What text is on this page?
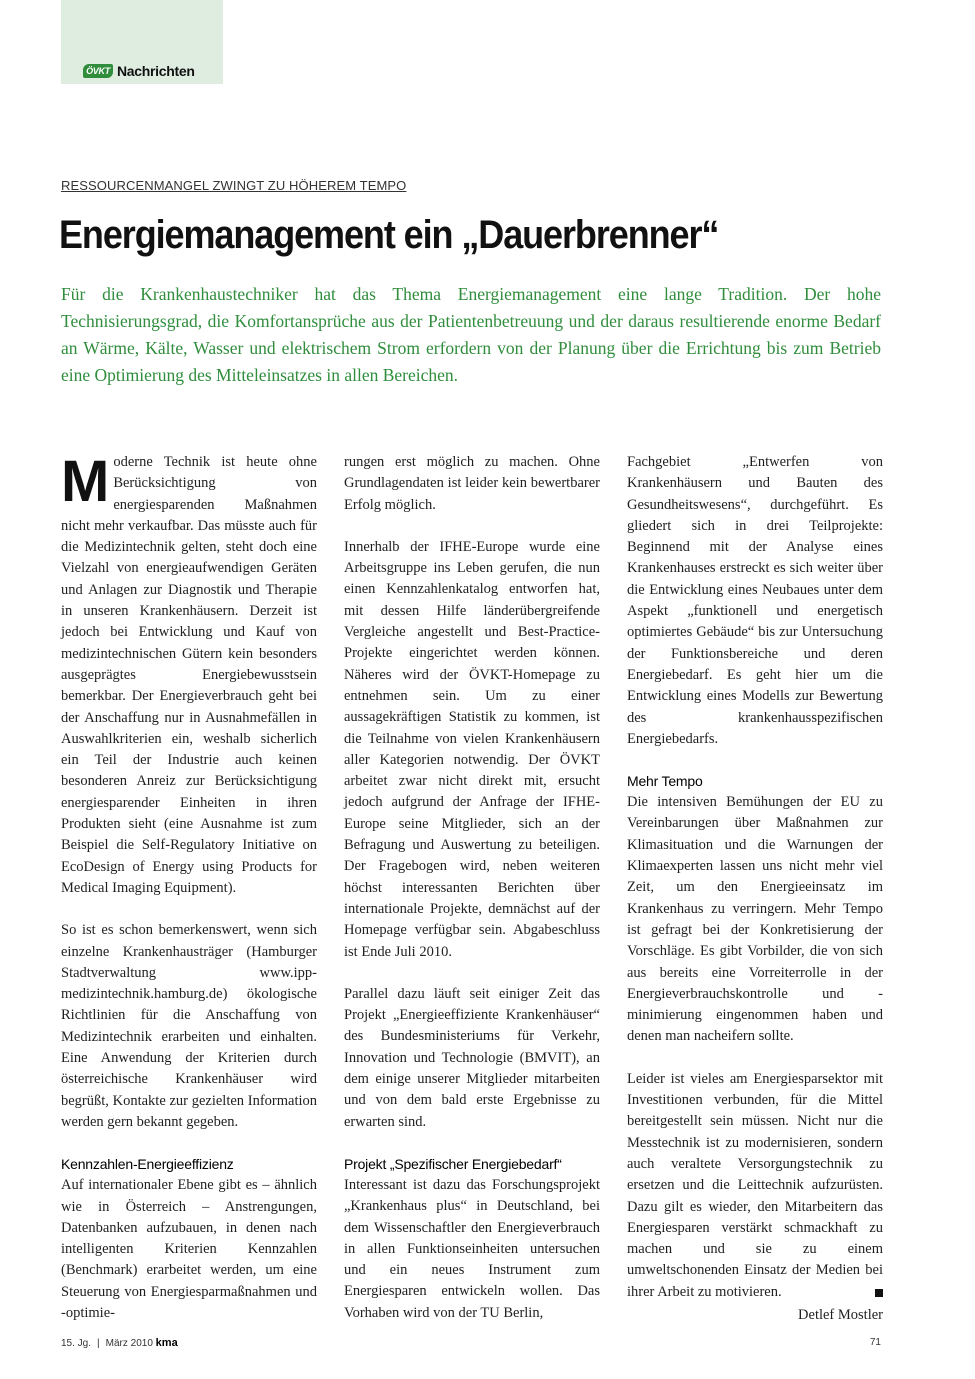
ÖVKT Nachrichten
RESSOURCENMANGEL ZWINGT ZU HÖHEREM TEMPO
Energiemanagement ein „Dauerbrenner“

Für die Krankenhaustechniker hat das Thema Energiemanagement eine lange Tradition. Der hohe Technisierungsgrad, die Komfortansprüche aus der Patientenbetreuung und der daraus resultierende enorme Bedarf an Wärme, Kälte, Wasser und elektrischem Strom erfordern von der Planung über die Errichtung bis zum Betrieb eine Optimierung des Mitteleinsatzes in allen Bereichen.

Moderne Technik ist heute ohne Berücksichtigung von energiesparenden Maßnahmen nicht mehr verkaufbar. Das müsste auch für die Medizintechnik gelten, steht doch eine Vielzahl von energieaufwendigen Geräten und Anlagen zur Diagnostik und Therapie in unseren Krankenhäusern. Derzeit ist jedoch bei Entwicklung und Kauf von medizintechnischen Gütern kein besonders ausgeprägtes Energiebewusstsein bemerkbar. Der Energieverbrauch geht bei der Anschaffung nur in Ausnahmefällen in Auswahlkriterien ein, weshalb sicherlich ein Teil der Industrie auch keinen besonderen Anreiz zur Berücksichtigung energiesparender Einheiten in ihren Produkten sieht (eine Ausnahme ist zum Beispiel die Self-Regulatory Initiative on EcoDesign of Energy using Products for Medical Imaging Equipment).

So ist es schon bemerkenswert, wenn sich einzelne Krankenhausträger (Hamburger Stadtverwaltung www.ipp-medizintechnik.hamburg.de) ökologische Richtlinien für die Anschaffung von Medizintechnik erarbeiten und einhalten. Eine Anwendung der Kriterien durch österreichische Krankenhäuser wird begrüßt, Kontakte zur gezielten Information werden gern bekannt gegeben.

Kennzahlen-Energieeffizienz

Auf internationaler Ebene gibt es – ähnlich wie in Österreich – Anstrengungen, Datenbanken aufzubauen, in denen nach intelligenten Kriterien Kennzahlen (Benchmark) erarbeitet werden, um eine Steuerung von Energiesparmaßnahmen und -optimie-

rungen erst möglich zu machen. Ohne Grundlagendaten ist leider kein bewertbarer Erfolg möglich.

Innerhalb der IFHE-Europe wurde eine Arbeitsgruppe ins Leben gerufen, die nun einen Kennzahlenkatalog entworfen hat, mit dessen Hilfe länderübergreifende Vergleiche angestellt und Best-Practice-Projekte eingerichtet werden können. Näheres wird der ÖVKT-Homepage zu entnehmen sein. Um zu einer aussagekräftigen Statistik zu kommen, ist die Teilnahme von vielen Krankenhäusern aller Kategorien notwendig. Der ÖVKT arbeitet zwar nicht direkt mit, ersucht jedoch aufgrund der Anfrage der IFHE-Europe seine Mitglieder, sich an der Befragung und Auswertung zu beteiligen. Der Fragebogen wird, neben weiteren höchst interessanten Berichten über internationale Projekte, demnächst auf der Homepage verfügbar sein. Abgabeschluss ist Ende Juli 2010.

Parallel dazu läuft seit einiger Zeit das Projekt „Energieeffiziente Krankenhäuser“ des Bundesministeriums für Verkehr, Innovation und Technologie (BMVIT), an dem einige unserer Mitglieder mitarbeiten und von dem bald erste Ergebnisse zu erwarten sind.

Projekt „Spezifischer Energiebedarf“

Interessant ist dazu das Forschungsprojekt „Krankenhaus plus“ in Deutschland, bei dem Wissenschaftler den Energieverbrauch in allen Funktionseinheiten untersuchen und ein neues Instrument zum Energiesparen entwickeln wollen. Das Vorhaben wird von der TU Berlin,

Fachgebiet „Entwerfen von Krankenhäusern und Bauten des Gesundheitswesens“, durchgeführt. Es gliedert sich in drei Teilprojekte: Beginnend mit der Analyse eines Krankenhauses erstreckt es sich weiter über die Entwicklung eines Neubaues unter dem Aspekt „funktionell und energetisch optimiertes Gebäude“ bis zur Untersuchung der Funktionsbereiche und deren Energiebedarf. Es geht hier um die Entwicklung eines Modells zur Bewertung des krankenhausspezifischen Energiebedarfs.

Mehr Tempo

Die intensiven Bemühungen der EU zu Vereinbarungen über Maßnahmen zur Klimasituation und die Warnungen der Klimaexperten lassen uns nicht mehr viel Zeit, um den Energieeinsatz im Krankenhaus zu verringern. Mehr Tempo ist gefragt bei der Konkretisierung der Vorschläge. Es gibt Vorbilder, die von sich aus bereits eine Vorreiterrolle in der Energieverbrauchskontrolle und -minimierung eingenommen haben und denen man nacheifern sollte.

Leider ist vieles am Energiesparsektor mit Investitionen verbunden, für die Mittel bereitgestellt sein müssen. Nicht nur die Messtechnik ist zu modernisieren, sondern auch veraltete Versorgungstechnik zu ersetzen und die Leittechnik aufzurüsten. Dazu gilt es wieder, den Mitarbeitern das Energiesparen verstärkt schmackhaft zu machen und sie zu einem umweltschonenden Einsatz der Medien bei ihrer Arbeit zu motivieren.

Detlef Mostler
15. Jg. | März 2010 kma	71
